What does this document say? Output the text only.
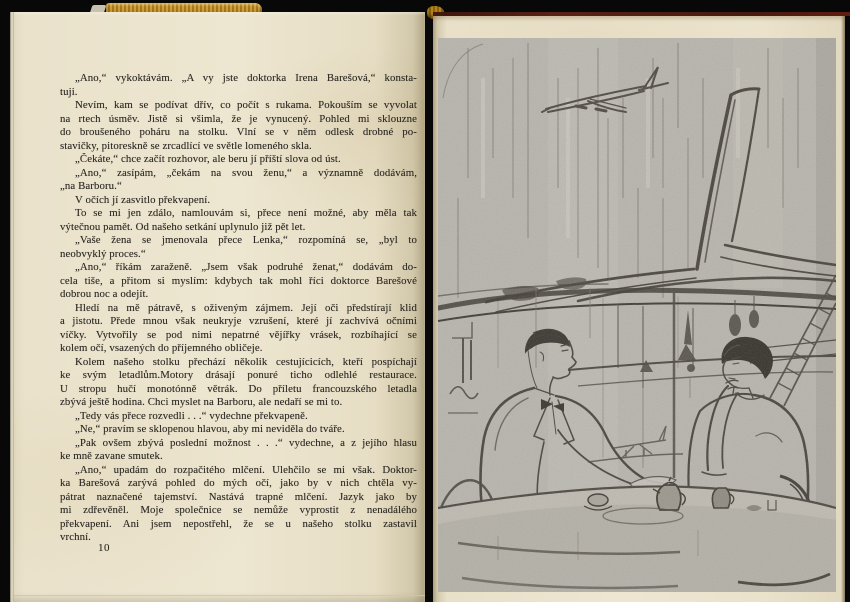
„Ano,“ vykoktávám. „A vy jste doktorka Irena Barešová,“ konsta-
tuji.
Nevím, kam se podívat dřív, co počít s rukama. Pokouším se vyvolat
na rtech úsměv. Jistě si všimla, že je vynucený. Pohled mi sklouzne
do broušeného poháru na stolku. Vlní se v něm odlesk drobné po-
stavičky, pitoreskně se zrcadlící ve světle lomeného skla.
„Čekáte,“ chce začít rozhovor, ale beru jí příští slova od úst.
„Ano,“ zasípám, „čekám na svou ženu,“ a významně dodávám,
„na Barboru.“
V očích jí zasvitlo překvapení.
To se mi jen zdálo, namlouvám si, přece není možné, aby měla tak
výtečnou pamět. Od našeho setkání uplynulo již pět let.
„Vaše žena se jmenovala přece Lenka,“ rozpomíná se, „byl to
neobvyklý proces.“
„Ano,“ říkám zaraženě. „Jsem však podruhé ženat,“ dodávám do-
cela tiše, a přitom si myslím: kdybych tak mohl říci doktorce Barešové
dobrou noc a odejít.
Hledí na mě pátravě, s oživeným zájmem. Její oči předstírají klid
a jistotu. Přede mnou však neukryje vzrušení, které jí zachvívá očními
víčky. Vytvořily se pod nimi nepatrné vějířky vrásek, rozbíhající se
kolem očí, vsazených do příjemného obličeje.
Kolem našeho stolku přechází několik cestujícicích, kteří pospíchají
ke svým letadlům.Motory drásají ponuré ticho odlehlé restaurace.
U stropu hučí monotónně větrák. Do příletu francouzského letadla
zbývá ještě hodina. Chci myslet na Barboru, ale nedaří se mi to.
„Tedy vás přece rozvedli . . .“ vydechne překvapeně.
„Ne,“ pravím se sklopenou hlavou, aby mi neviděla do tváře.
„Pak ovšem zbývá poslední možnost . . .“ vydechne, a z jejího hlasu
ke mně zavane smutek.
„Ano,“ upadám do rozpačitého mlčení. Ulehčilo se mi však. Doktor-
ka Barešová zarývá pohled do mých očí, jako by v nich chtěla vy-
pátrat naznačené tajemství. Nastává trapné mlčení. Jazyk jako by
mi zdřevěněl. Moje společnice se nemůže vyprostit z nenadálého
překvapení. Ani jsem nepostřehl, že se u našeho stolku zastavil
vrchní.
10
